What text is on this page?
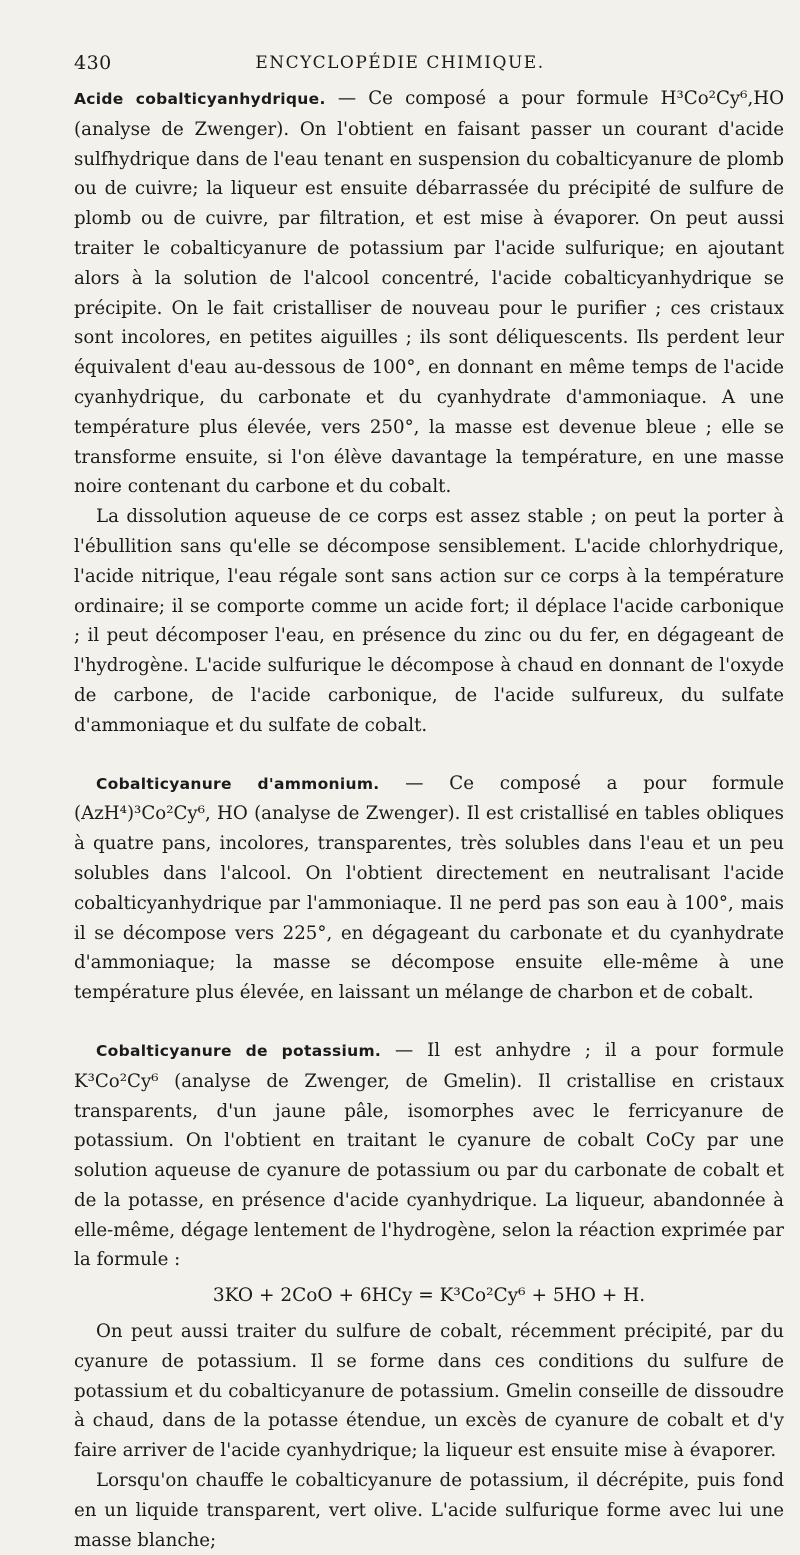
430	ENCYCLOPÉDIE CHIMIQUE.

Acide cobalticyanhydrique. — Ce composé a pour formule H³Co²Cy⁶,HO (analyse de Zwenger). On l'obtient en faisant passer un courant d'acide sulfhydrique dans de l'eau tenant en suspension du cobalticyanure de plomb ou de cuivre; la liqueur est ensuite débarrassée du précipité de sulfure de plomb ou de cuivre, par filtration, et est mise à évaporer. On peut aussi traiter le cobalticyanure de potassium par l'acide sulfurique; en ajoutant alors à la solution de l'alcool concentré, l'acide cobalticyanhydrique se précipite. On le fait cristalliser de nouveau pour le purifier ; ces cristaux sont incolores, en petites aiguilles ; ils sont déliquescents. Ils perdent leur équivalent d'eau au-dessous de 100°, en donnant en même temps de l'acide cyanhydrique, du carbonate et du cyanhydrate d'ammoniaque. A une température plus élevée, vers 250°, la masse est devenue bleue ; elle se transforme ensuite, si l'on élève davantage la température, en une masse noire contenant du carbone et du cobalt.

La dissolution aqueuse de ce corps est assez stable ; on peut la porter à l'ébullition sans qu'elle se décompose sensiblement. L'acide chlorhydrique, l'acide nitrique, l'eau régale sont sans action sur ce corps à la température ordinaire; il se comporte comme un acide fort; il déplace l'acide carbonique ; il peut décomposer l'eau, en présence du zinc ou du fer, en dégageant de l'hydrogène. L'acide sulfurique le décompose à chaud en donnant de l'oxyde de carbone, de l'acide carbonique, de l'acide sulfureux, du sulfate d'ammoniaque et du sulfate de cobalt.

Cobalticyanure d'ammonium. — Ce composé a pour formule (AzH⁴)³Co²Cy⁶, HO (analyse de Zwenger). Il est cristallisé en tables obliques à quatre pans, incolores, transparentes, très solubles dans l'eau et un peu solubles dans l'alcool. On l'obtient directement en neutralisant l'acide cobalticyanhydrique par l'ammoniaque. Il ne perd pas son eau à 100°, mais il se décompose vers 225°, en dégageant du carbonate et du cyanhydrate d'ammoniaque; la masse se décompose ensuite elle-même à une température plus élevée, en laissant un mélange de charbon et de cobalt.

Cobalticyanure de potassium. — Il est anhydre ; il a pour formule K³Co²Cy⁶ (analyse de Zwenger, de Gmelin). Il cristallise en cristaux transparents, d'un jaune pâle, isomorphes avec le ferricyanure de potassium. On l'obtient en traitant le cyanure de cobalt CoCy par une solution aqueuse de cyanure de potassium ou par du carbonate de cobalt et de la potasse, en présence d'acide cyanhydrique. La liqueur, abandonnée à elle-même, dégage lentement de l'hydrogène, selon la réaction exprimée par la formule :

3KO + 2CoO + 6HCy = K³Co²Cy⁶ + 5HO + H.

On peut aussi traiter du sulfure de cobalt, récemment précipité, par du cyanure de potassium. Il se forme dans ces conditions du sulfure de potassium et du cobalticyanure de potassium. Gmelin conseille de dissoudre à chaud, dans de la potasse étendue, un excès de cyanure de cobalt et d'y faire arriver de l'acide cyanhydrique; la liqueur est ensuite mise à évaporer.

Lorsqu'on chauffe le cobalticyanure de potassium, il décrépite, puis fond en un liquide transparent, vert olive. L'acide sulfurique forme avec lui une masse blanche;
